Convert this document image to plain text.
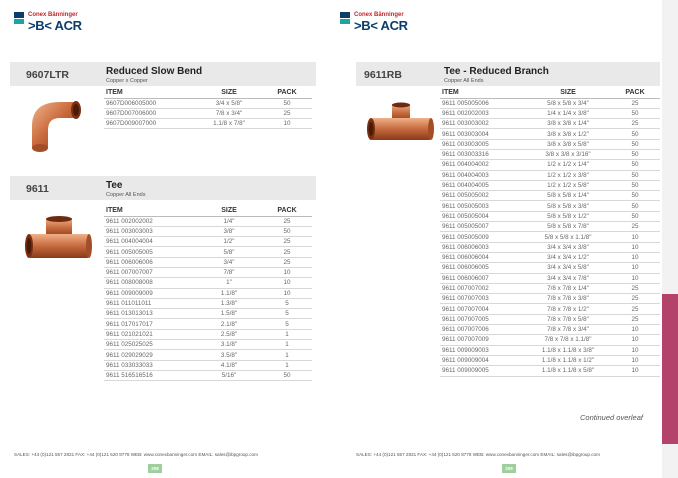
Conex Bänninger
>B< ACR
9607LTR	Reduced Slow Bend
Copper x Copper
ITEM	SIZE	PACK
9607D006005000	3/4 x 5/8"	50
9607D007006000	7/8 x 3/4"	25
9607D009007000	1.1/8 x 7/8"	10
9611	Tee
Copper All Ends
ITEM	SIZE	PACK
9611 002002002	1/4"	25
9611 003003003	3/8"	50
9611 004004004	1/2"	25
9611 005005005	5/8"	25
9611 006006006	3/4"	25
9611 007007007	7/8"	10
9611 008008008	1"	10
9611 009009009	1.1/8"	10
9611 011011011	1.3/8"	5
9611 013013013	1.5/8"	5
9611 017017017	2.1/8"	5
9611 021021021	2.5/8"	1
9611 025025025	3.1/8"	1
9611 029029029	3.5/8"	1
9611 033033033	4.1/8"	1
9611 516516516	5/16"	50
SALES: +44 (0)121 557 2831 FAX: +44 (0)121 520 8778 WEB: www.conexbanninger.com EMAIL: sales@ibpgroup.com
208
Conex Bänninger
>B< ACR
9611RB	Tee - Reduced Branch
Copper All Ends
ITEM	SIZE	PACK
9611 005005006	5/8 x 5/8 x 3/4"	25
9611 002002003	1/4 x 1/4 x 3/8"	50
9611 003003002	3/8 x 3/8 x 1/4"	25
9611 003003004	3/8 x 3/8 x 1/2"	50
9611 003003005	3/8 x 3/8 x 5/8"	50
9611 003003316	3/8 x 3/8 x 3/16"	50
9611 004004002	1/2 x 1/2 x 1/4"	50
9611 004004003	1/2 x 1/2 x 3/8"	50
9611 004004005	1/2 x 1/2 x 5/8"	50
9611 005005002	5/8 x 5/8 x 1/4"	50
9611 005005003	5/8 x 5/8 x 3/8"	50
9611 005005004	5/8 x 5/8 x 1/2"	50
9611 005005007	5/8 x 5/8 x 7/8"	25
9611 005005009	5/8 x 5/8 x 1.1/8"	10
9611 006006003	3/4 x 3/4 x 3/8"	10
9611 006006004	3/4 x 3/4 x 1/2"	10
9611 006006005	3/4 x 3/4 x 5/8"	10
9611 006006007	3/4 x 3/4 x 7/8"	10
9611 007007002	7/8 x 7/8 x 1/4"	25
9611 007007003	7/8 x 7/8 x 3/8"	25
9611 007007004	7/8 x 7/8 x 1/2"	25
9611 007007005	7/8 x 7/8 x 5/8"	25
9611 007007006	7/8 x 7/8 x 3/4"	10
9611 007007009	7/8 x 7/8 x 1.1/8"	10
9611 009009003	1.1/8 x 1.1/8 x 3/8"	10
9611 009009004	1.1/8 x 1.1/8 x 1/2"	10
9611 009009005	1.1/8 x 1.1/8 x 5/8"	10
Continued overleaf
SALES: +44 (0)121 557 2831 FAX: +44 (0)121 520 8778 WEB: www.conexbanninger.com EMAIL: sales@ibpgroup.com
209
